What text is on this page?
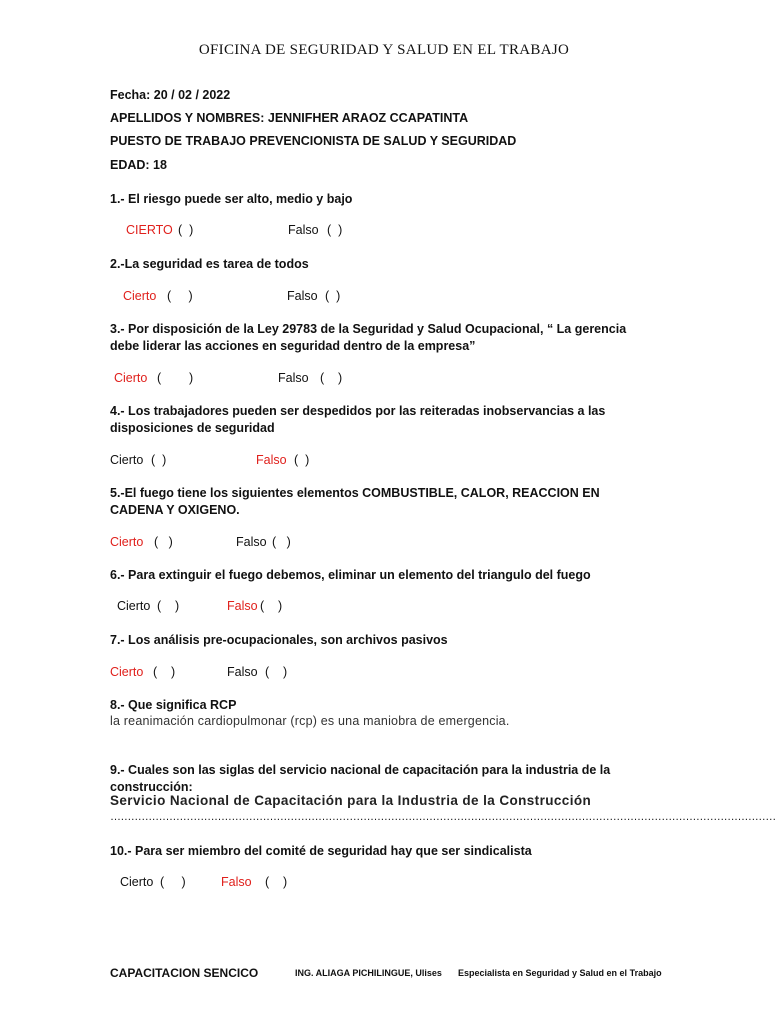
OFICINA DE SEGURIDAD Y SALUD EN EL TRABAJO
Fecha: 20 / 02 / 2022
APELLIDOS Y NOMBRES: JENNIFHER ARAOZ CCAPATINTA
PUESTO DE TRABAJO PREVENCIONISTA DE SALUD Y SEGURIDAD
EDAD: 18
1.- El riesgo puede ser alto, medio y bajo
CIERTO (  )	Falso (  )
2.-La seguridad es tarea de todos
Cierto (     )	Falso (  )
3.- Por disposición de la Ley 29783 de la Seguridad y Salud Ocupacional, “ La gerencia debe liderar las acciones en seguridad dentro de la empresa”
Cierto (        )	Falso (    )
4.- Los trabajadores pueden ser despedidos por las reiteradas inobservancias a las disposiciones de seguridad
Cierto (  )	Falso (  )
5.-El fuego tiene los siguientes elementos COMBUSTIBLE, CALOR, REACCION EN CADENA Y OXIGENO.
Cierto (   )	Falso (   )
6.- Para extinguir el fuego debemos, eliminar un elemento del triangulo del fuego
Cierto (    )	Falso (    )
7.- Los análisis pre-ocupacionales, son archivos pasivos
Cierto (    )	Falso (    )
8.- Que significa RCP
la reanimación cardiopulmonar (rcp) es una maniobra de emergencia.
9.- Cuales son las siglas del servicio nacional de capacitación para la industria de la construcción:
Servicio Nacional de Capacitación para la Industria de la Construcción
…………………………………………………………………………………………………………………………………………………………………………
10.- Para ser miembro del comité de seguridad hay que ser sindicalista
Cierto (     )	Falso (    )
CAPACITACION SENCICO	ING. ALIAGA PICHILINGUE, Ulises Especialista en Seguridad y Salud en el Trabajo
